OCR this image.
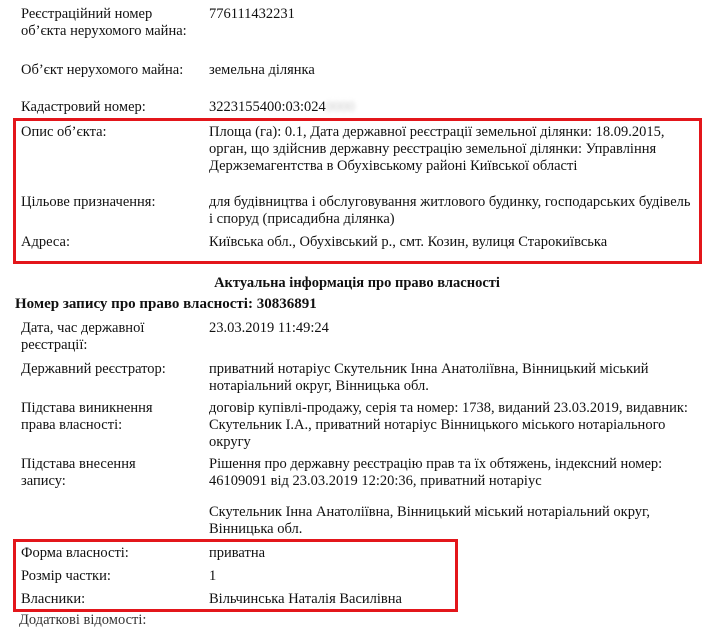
Реєстраційний номер об’єкта нерухомого майна:
776111432231
Об’єкт нерухомого майна:	земельна ділянка
Кадастровий номер:	3223155400:03:0240000
Опис об’єкта:	Площа (га): 0.1, Дата державної реєстрації земельної ділянки: 18.09.2015, орган, що здійснив державну реєстрацію земельної ділянки: Управління Держземагентства в Обухівському районі Київської області
Цільове призначення:	для будівництва і обслуговування житлового будинку, господарських будівель і споруд (присадибна ділянка)
Адреса:	Київська обл., Обухівський р., смт. Козин, вулиця Старокиївська
Актуальна інформація про право власності
Номер запису про право власності: 30836891
Дата, час державної реєстрації:
23.03.2019 11:49:24
Державний реєстратор:	приватний нотаріус Скутельник Інна Анатоліївна, Вінницький міський нотаріальний округ, Вінницька обл.
Підстава виникнення права власності:
договір купівлі-продажу, серія та номер: 1738, виданий 23.03.2019, видавник: Скутельник І.А., приватний нотаріус Вінницького міського нотаріального округу
Підстава внесення запису:
Рішення про державну реєстрацію прав та їх обтяжень, індексний номер: 46109091 від 23.03.2019 12:20:36, приватний нотаріус
Скутельник Інна Анатоліївна, Вінницький міський нотаріальний округ, Вінницька обл.
Форма власності:	приватна
Розмір частки:	1
Власники:	Вільчинська Наталія Василівна
Додаткові відомості:
